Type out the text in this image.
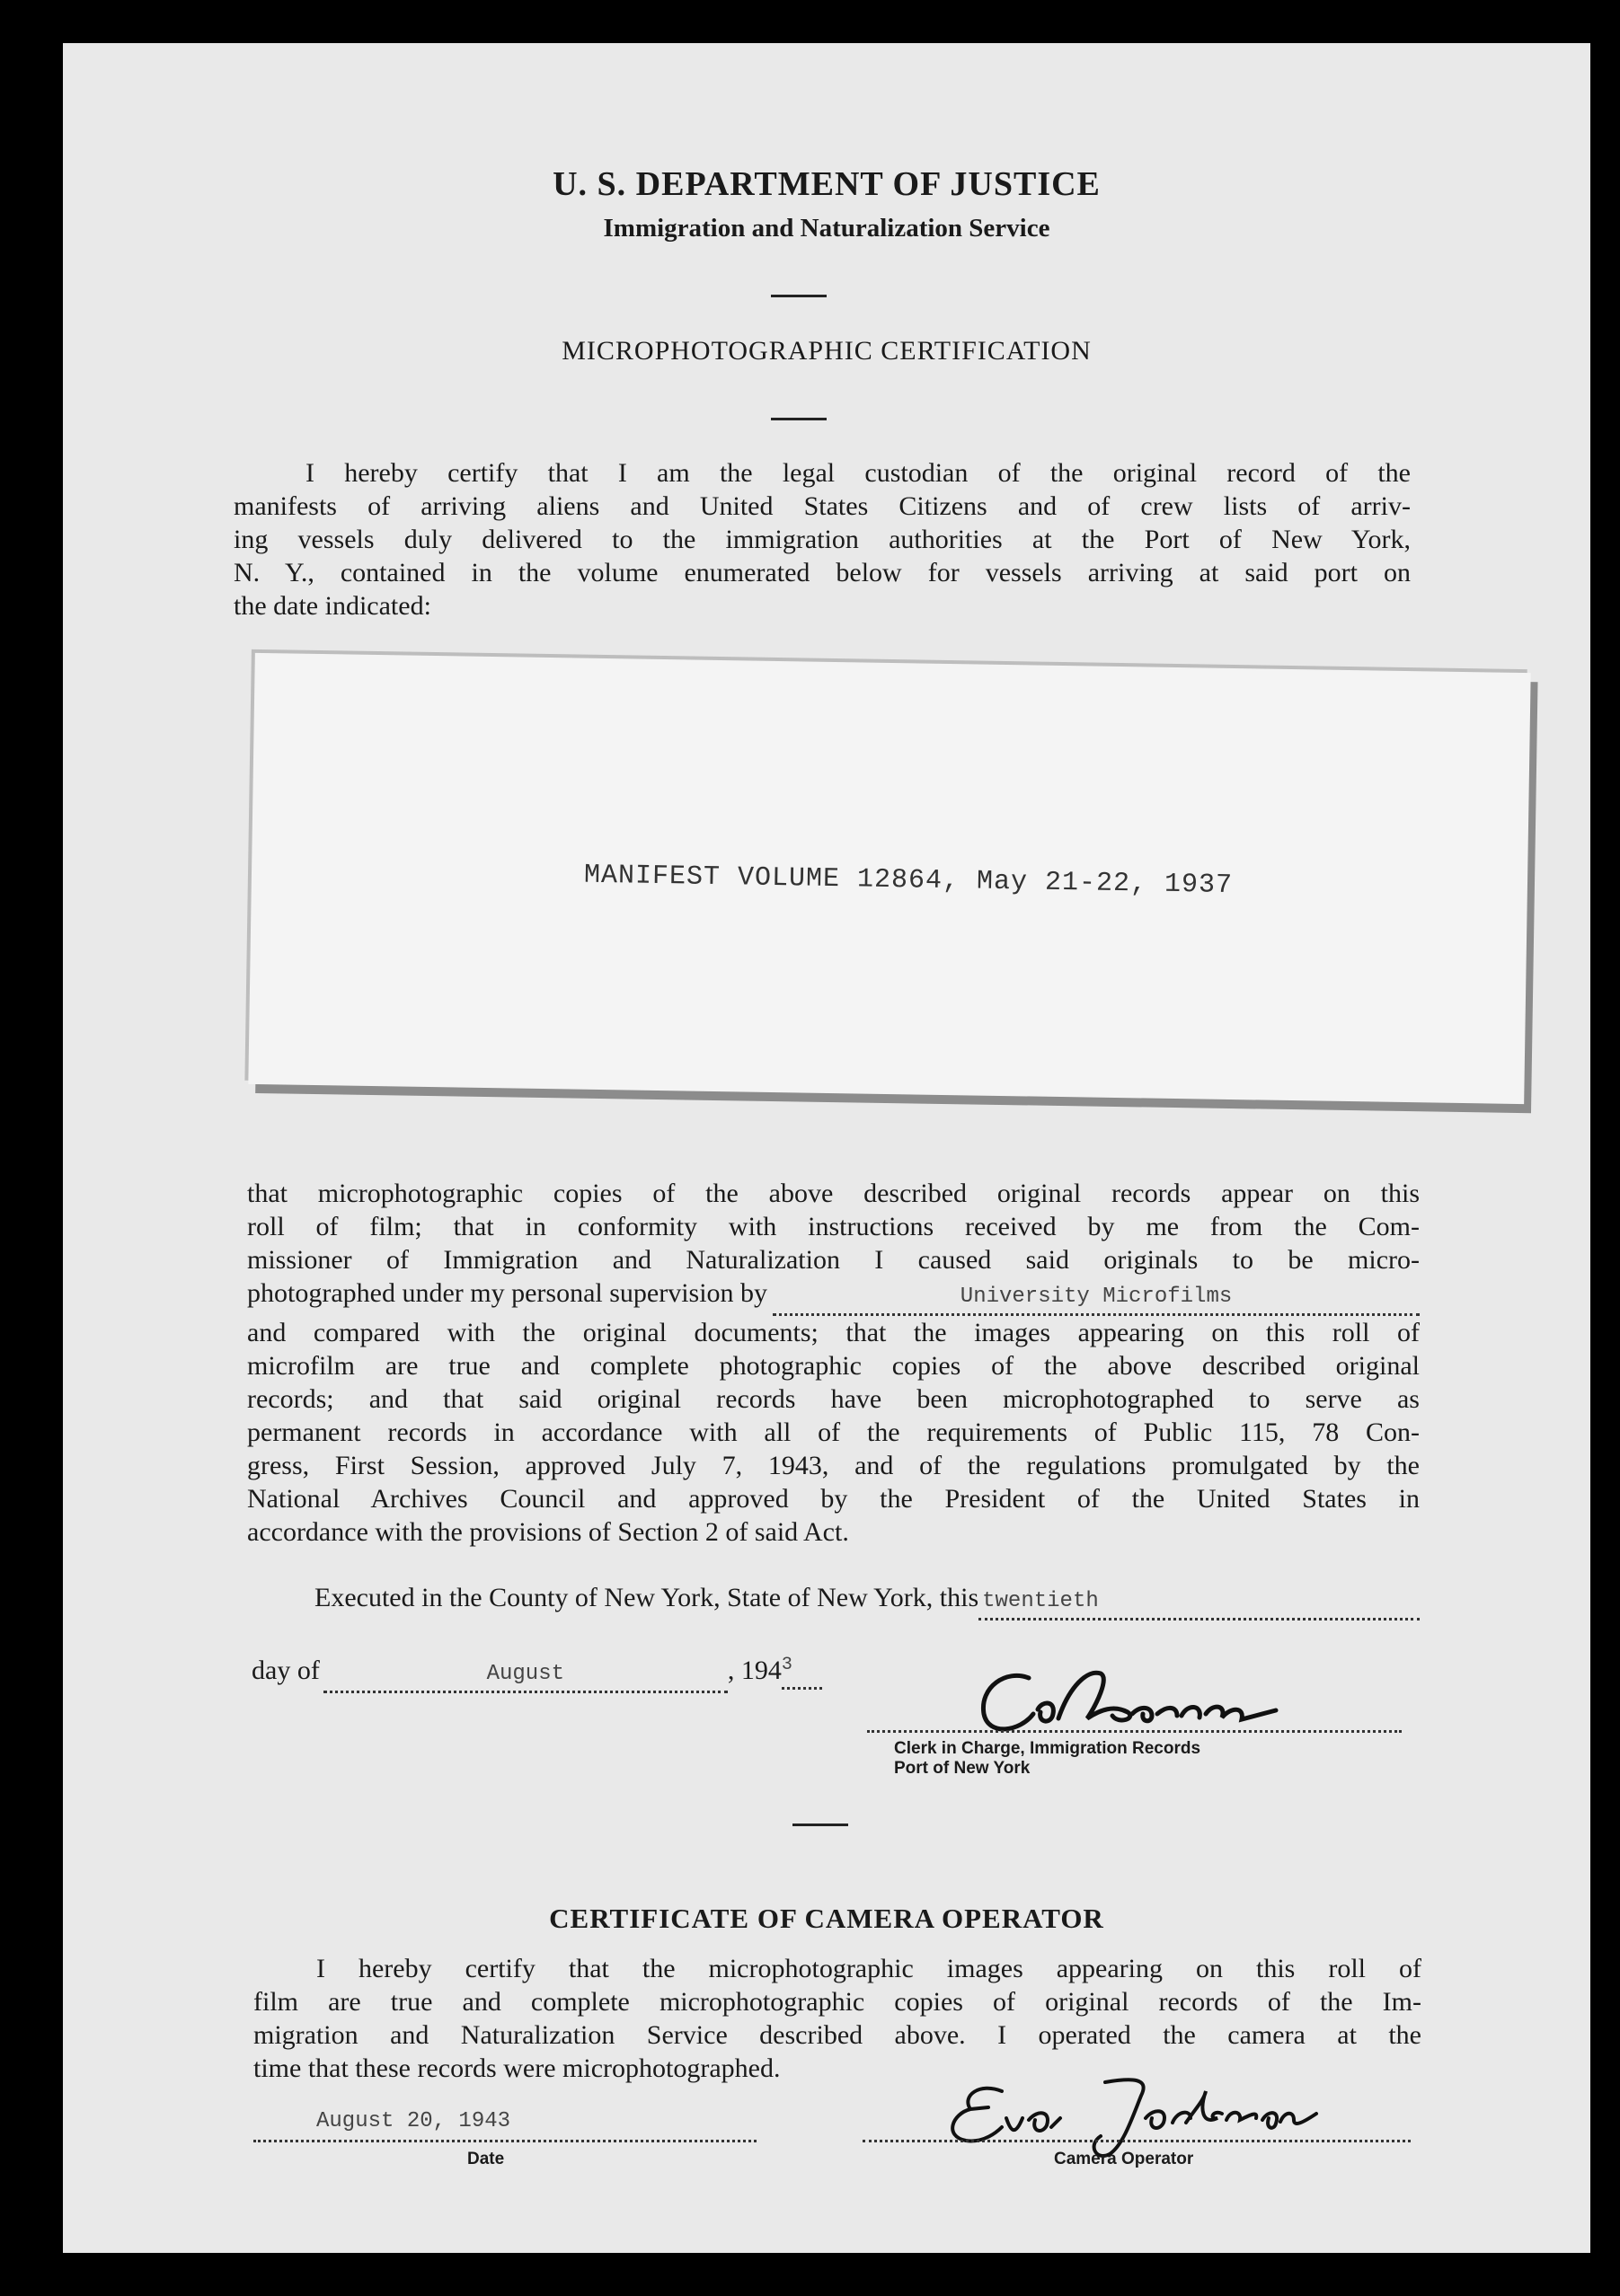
U. S. DEPARTMENT OF JUSTICE
Immigration and Naturalization Service
MICROPHOTOGRAPHIC CERTIFICATION
I hereby certify that I am the legal custodian of the original record of the
manifests of arriving aliens and United States Citizens and of crew lists of arriv-
ing vessels duly delivered to the immigration authorities at the Port of New York,
N. Y., contained in the volume enumerated below for vessels arriving at said port on
the date indicated:
MANIFEST VOLUME 12864, May 21-22, 1937
that microphotographic copies of the above described original records appear on this
roll of film; that in conformity with instructions received by me from the Com-
missioner of Immigration and Naturalization I caused said originals to be micro-
photographed under my personal supervision by	University Microfilms
and compared with the original documents; that the images appearing on this roll of
microfilm are true and complete photographic copies of the above described original
records; and that said original records have been microphotographed to serve as
permanent records in accordance with all of the requirements of Public 115, 78 Con-
gress, First Session, approved July 7, 1943, and of the regulations promulgated by the
National Archives Council and approved by the President of the United States in
accordance with the provisions of Section 2 of said Act.
Executed in the County of New York, State of New York, this twentieth
day of	August	, 194 $^3$
Clerk in Charge, Immigration Records
Port of New York
CERTIFICATE OF CAMERA OPERATOR
I hereby certify that the microphotographic images appearing on this roll of
film are true and complete microphotographic copies of original records of the Im-
migration and Naturalization Service described above. I operated the camera at the
time that these records were microphotographed.
August 20, 1943
Date	Camera Operator
